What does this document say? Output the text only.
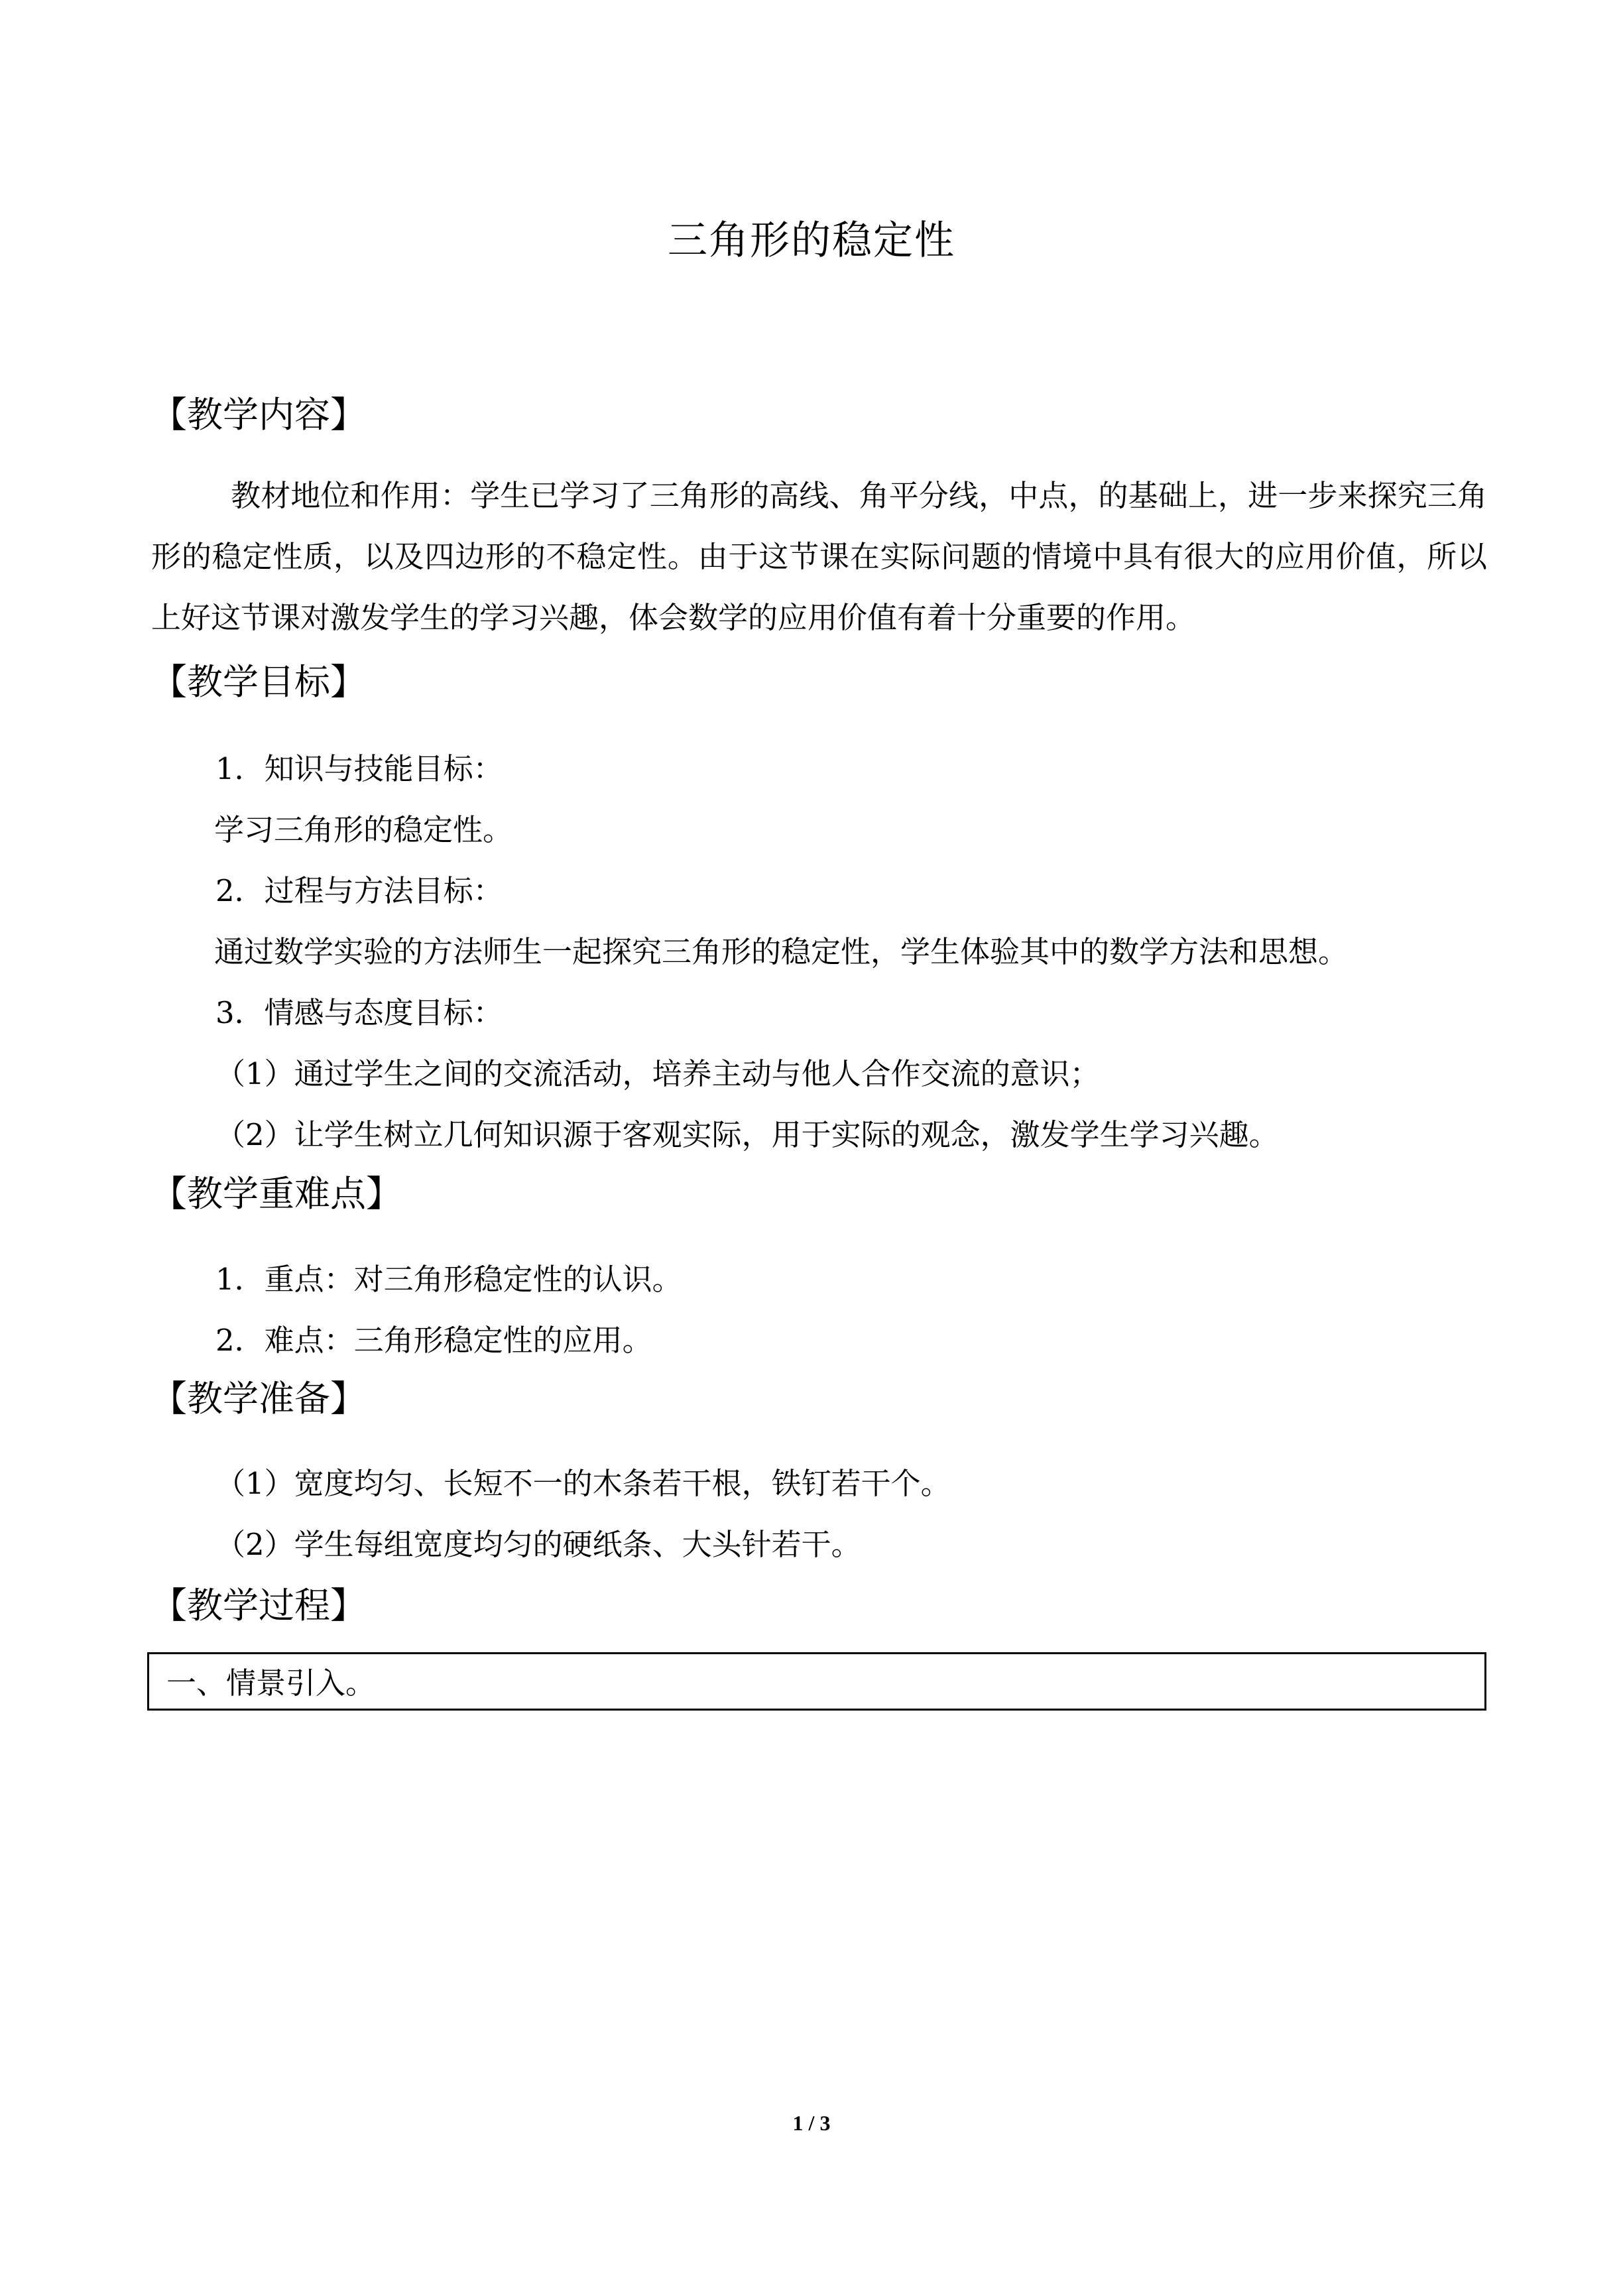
三角形的稳定性
【教学内容】
教材地位和作用：学生已学习了三角形的高线、角平分线，中点，的基础上，进一步来探究三角形的稳定性质，以及四边形的不稳定性。由于这节课在实际问题的情境中具有很大的应用价值，所以上好这节课对激发学生的学习兴趣，体会数学的应用价值有着十分重要的作用。
【教学目标】
1．知识与技能目标：
学习三角形的稳定性。
2．过程与方法目标：
通过数学实验的方法师生一起探究三角形的稳定性，学生体验其中的数学方法和思想。
3．情感与态度目标：
（1）通过学生之间的交流活动，培养主动与他人合作交流的意识；
（2）让学生树立几何知识源于客观实际，用于实际的观念，激发学生学习兴趣。
【教学重难点】
1．重点：对三角形稳定性的认识。
2．难点：三角形稳定性的应用。
【教学准备】
（1）宽度均匀、长短不一的木条若干根，铁钉若干个。
（2）学生每组宽度均匀的硬纸条、大头针若干。
【教学过程】
一、情景引入。
1 / 3
